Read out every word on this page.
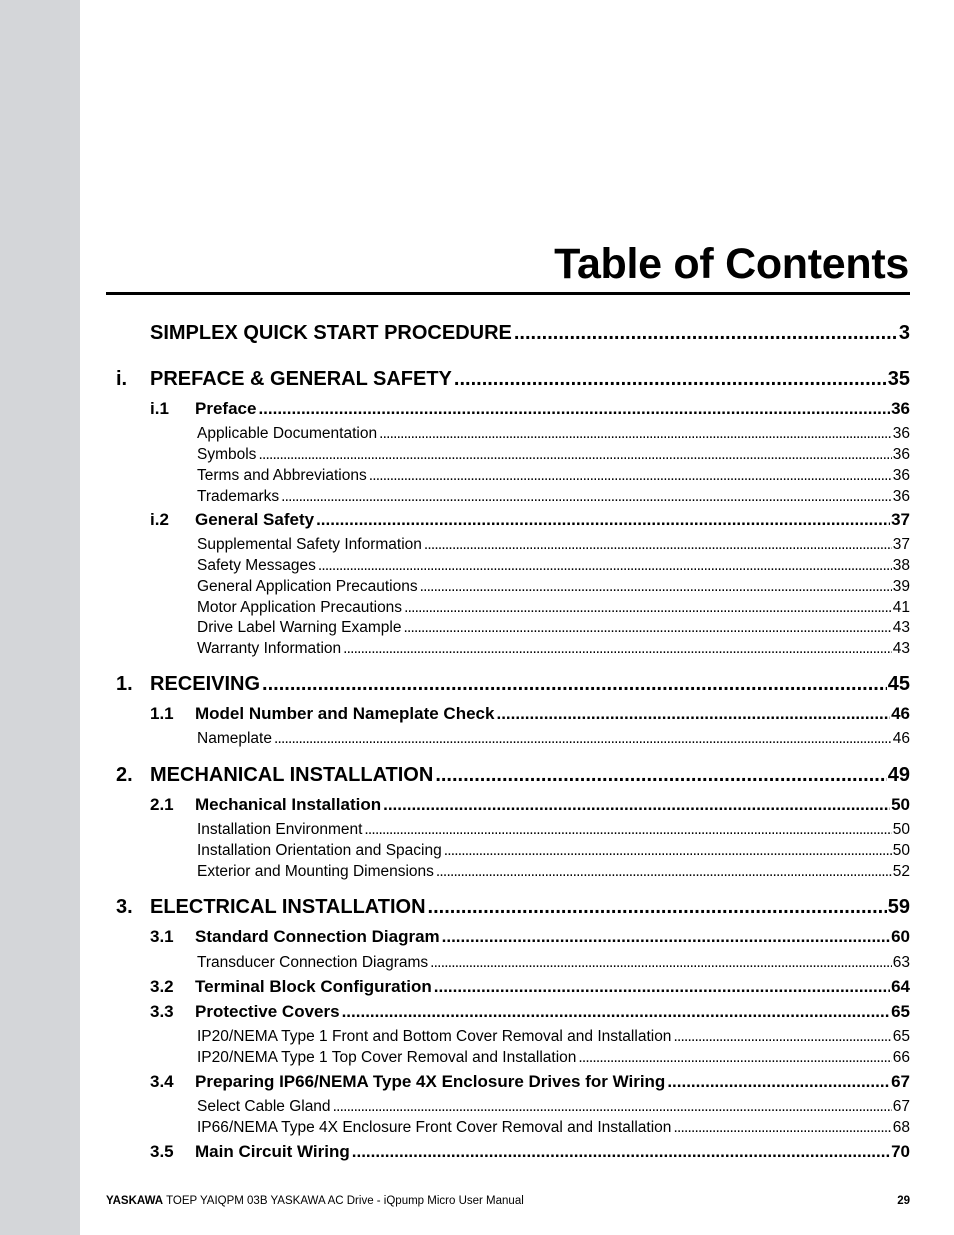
Table of Contents
SIMPLEX QUICK START PROCEDURE .....	3
i. PREFACE & GENERAL SAFETY .....	35
i.1 Preface .....	36
Applicable Documentation .....	36
Symbols .....	36
Terms and Abbreviations .....	36
Trademarks .....	36
i.2 General Safety .....	37
Supplemental Safety Information .....	37
Safety Messages .....	38
General Application Precautions .....	39
Motor Application Precautions .....	41
Drive Label Warning Example .....	43
Warranty Information .....	43
1. RECEIVING .....	45
1.1 Model Number and Nameplate Check .....	46
Nameplate .....	46
2. MECHANICAL INSTALLATION .....	49
2.1 Mechanical Installation .....	50
Installation Environment .....	50
Installation Orientation and Spacing .....	50
Exterior and Mounting Dimensions .....	52
3. ELECTRICAL INSTALLATION .....	59
3.1 Standard Connection Diagram .....	60
Transducer Connection Diagrams .....	63
3.2 Terminal Block Configuration .....	64
3.3 Protective Covers .....	65
IP20/NEMA Type 1 Front and Bottom Cover Removal and Installation .....	65
IP20/NEMA Type 1 Top Cover Removal and Installation .....	66
3.4 Preparing IP66/NEMA Type 4X Enclosure Drives for Wiring .....	67
Select Cable Gland .....	67
IP66/NEMA Type 4X Enclosure Front Cover Removal and Installation .....	68
3.5 Main Circuit Wiring .....	70
YASKAWA TOEP YAIQPM 03B YASKAWA AC Drive - iQpump Micro User Manual	29
